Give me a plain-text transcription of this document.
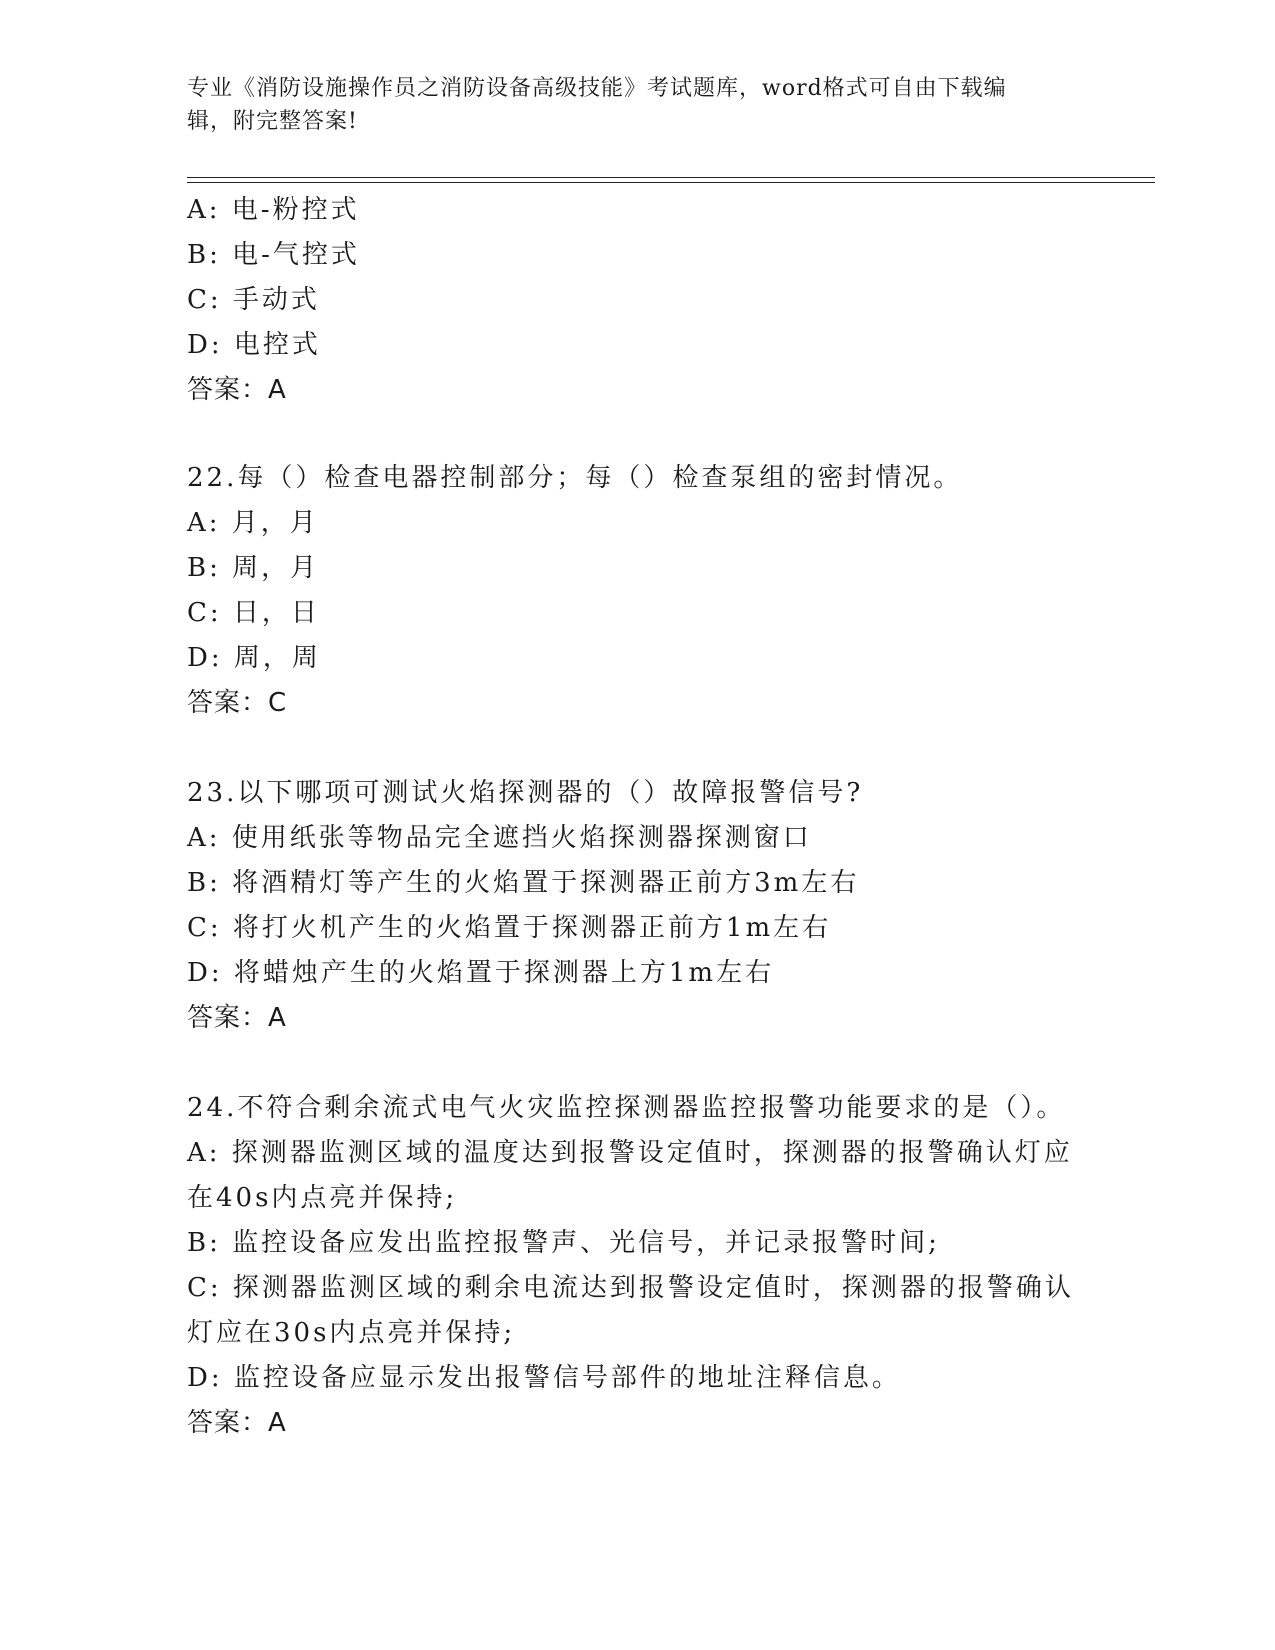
专业《消防设施操作员之消防设备高级技能》考试题库，word格式可自由下载编
辑，附完整答案!
A: 电-粉控式
B: 电-气控式
C: 手动式
D: 电控式
答案：A
22.每（）检查电器控制部分；每（）检查泵组的密封情况。
A: 月，月
B: 周，月
C: 日，日
D: 周，周
答案：C
23.以下哪项可测试火焰探测器的（）故障报警信号?
A: 使用纸张等物品完全遮挡火焰探测器探测窗口
B: 将酒精灯等产生的火焰置于探测器正前方3m左右
C: 将打火机产生的火焰置于探测器正前方1m左右
D: 将蜡烛产生的火焰置于探测器上方1m左右
答案：A
24.不符合剩余流式电气火灾监控探测器监控报警功能要求的是（）。
A: 探测器监测区域的温度达到报警设定值时，探测器的报警确认灯应
在40s内点亮并保持;
B: 监控设备应发出监控报警声、光信号，并记录报警时间;
C: 探测器监测区域的剩余电流达到报警设定值时，探测器的报警确认
灯应在30s内点亮并保持;
D: 监控设备应显示发出报警信号部件的地址注释信息。
答案：A
